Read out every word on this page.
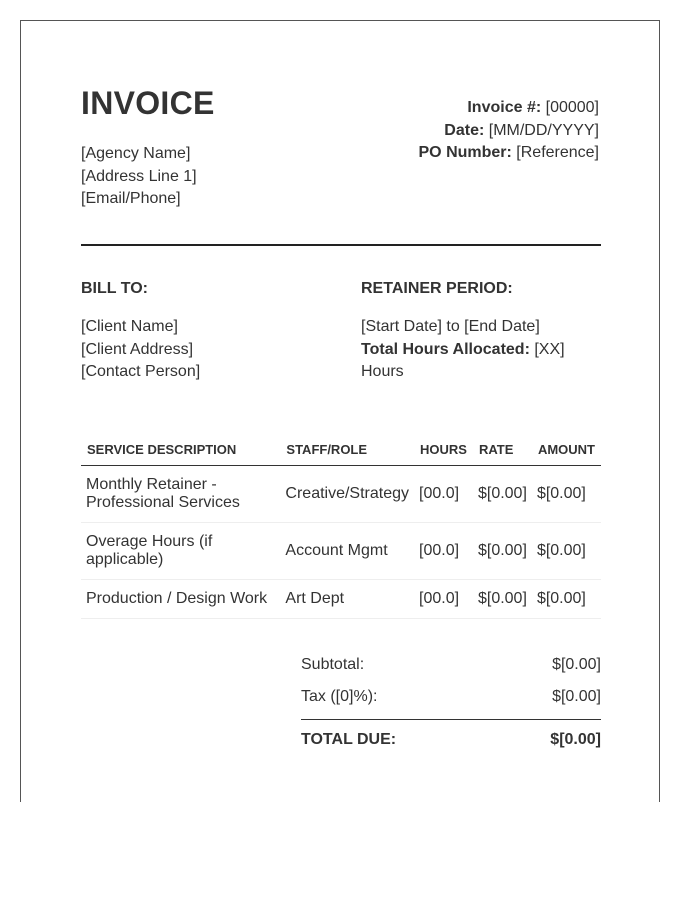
INVOICE
[Agency Name]
[Address Line 1]
[Email/Phone]
Invoice #: [00000]
Date: [MM/DD/YYYY]
PO Number: [Reference]
BILL TO:	RETAINER PERIOD:
[Client Name]
[Client Address]
[Contact Person]
[Start Date] to [End Date]
Total Hours Allocated: [XX] Hours
SERVICE DESCRIPTION	STAFF/ROLE	HOURS	RATE	AMOUNT
Monthly Retainer - Professional Services	Creative/Strategy	[00.0]	$[0.00]	$[0.00]
Overage Hours (if applicable)	Account Mgmt	[00.0]	$[0.00]	$[0.00]
Production / Design Work	Art Dept	[00.0]	$[0.00]	$[0.00]
Subtotal:	$[0.00]
Tax ([0]%):	$[0.00]
TOTAL DUE:	$[0.00]
